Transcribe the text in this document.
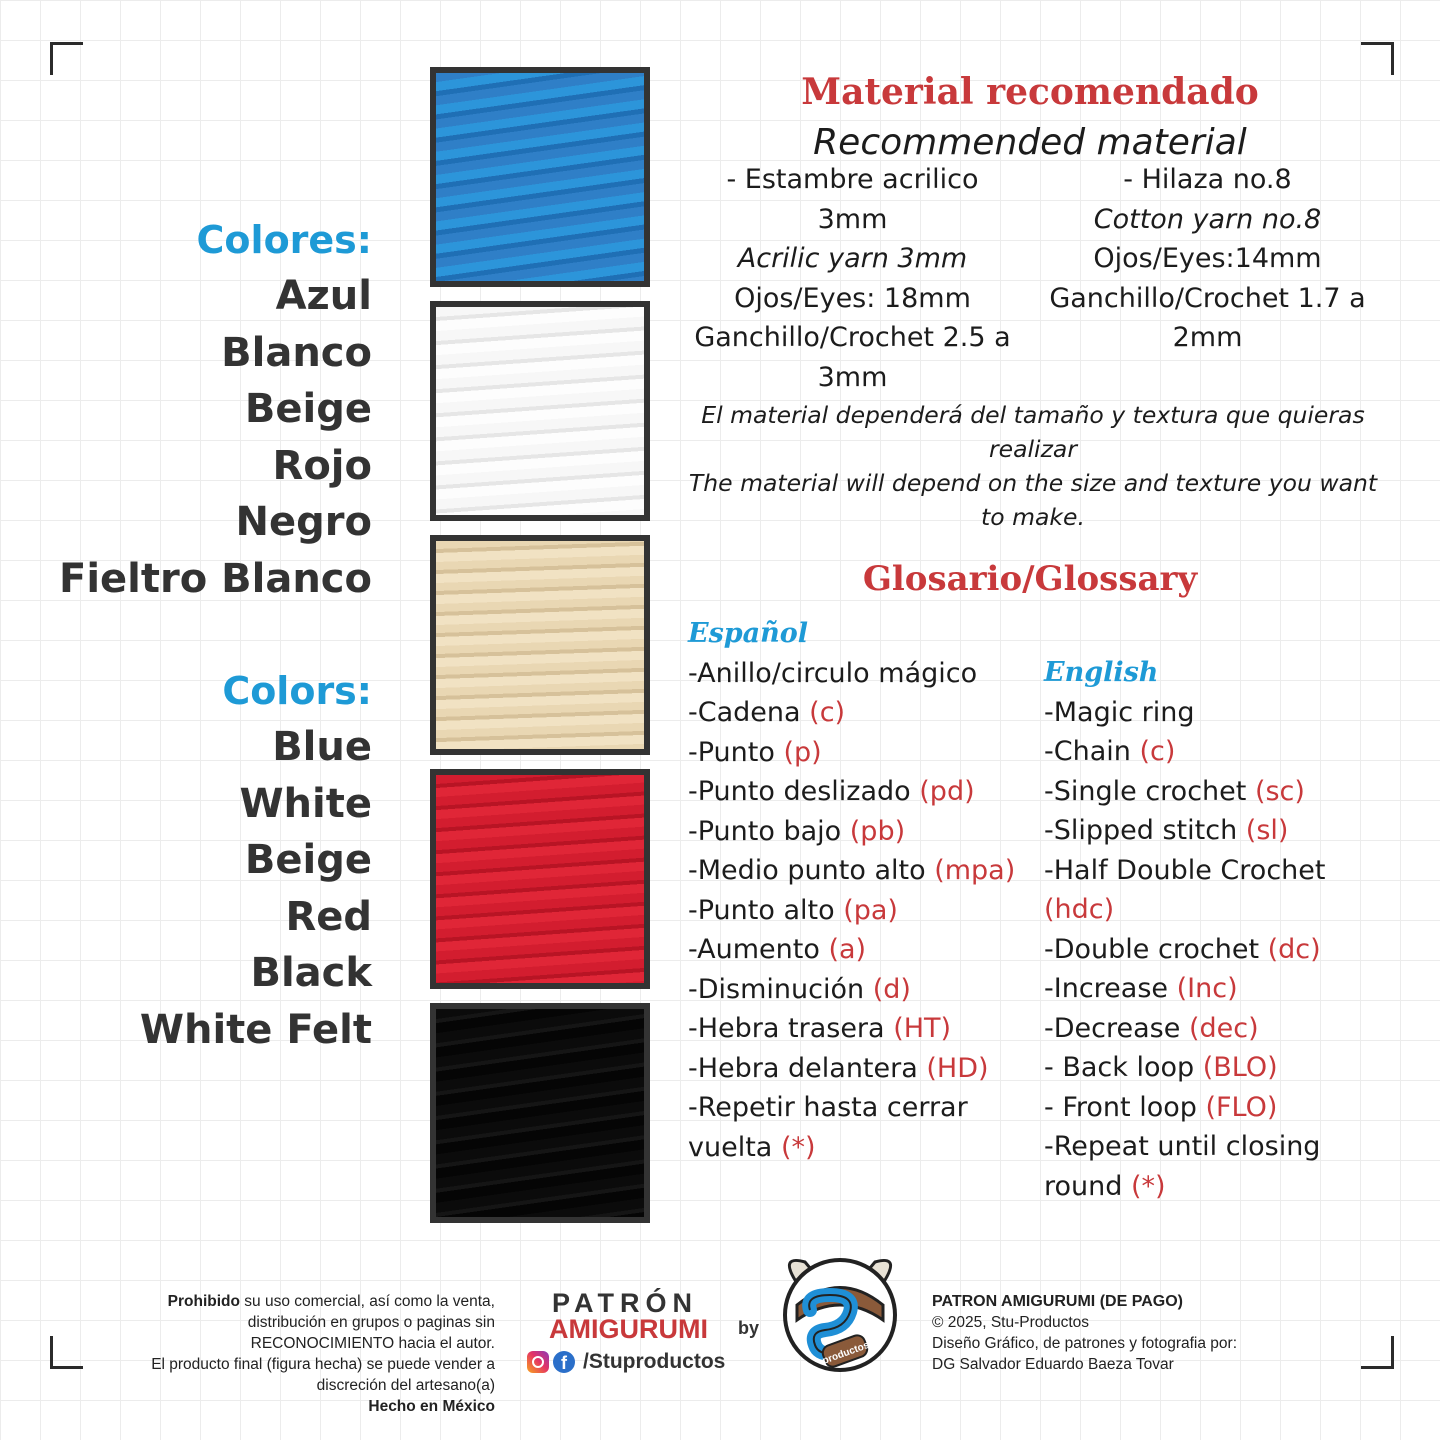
Colores:
Azul
Blanco
Beige
Rojo
Negro
Fieltro Blanco
Colors:
Blue
White
Beige
Red
Black
White Felt
Material recomendado
Recommended material
- Estambre acrilico 3mm
Acrilic yarn 3mm
Ojos/Eyes: 18mm
Ganchillo/Crochet 2.5 a 3mm
- Hilaza no.8
Cotton yarn no.8
Ojos/Eyes:14mm
Ganchillo/Crochet 1.7 a 2mm
El material dependerá del tamaño y textura que quieras realizar
The material will depend on the size and texture you want to make.
Glosario/Glossary
Español
-Anillo/circulo mágico
-Cadena (c)
-Punto (p)
-Punto deslizado (pd)
-Punto bajo (pb)
-Medio punto alto (mpa)
-Punto alto (pa)
-Aumento (a)
-Disminución (d)
-Hebra trasera (HT)
-Hebra delantera (HD)
-Repetir hasta cerrar vuelta (*)
English
-Magic ring
-Chain (c)
-Single crochet (sc)
-Slipped stitch (sl)
-Half Double Crochet (hdc)
-Double crochet (dc)
-Increase (Inc)
-Decrease (dec)
- Back loop (BLO)
- Front loop (FLO)
-Repeat until closing round (*)
Prohibido su uso comercial, así como la venta, distribución en grupos o paginas sin RECONOCIMIENTO hacia el autor.
El producto final (figura hecha) se puede vender a discreción del artesano(a)
Hecho en México
PATRÓN
AMIGURUMI by
f /Stuproductos	productos
PATRON AMIGURUMI (DE PAGO)
© 2025, Stu-Productos
Diseño Gráfico, de patrones y fotografia por:
DG Salvador Eduardo Baeza Tovar
